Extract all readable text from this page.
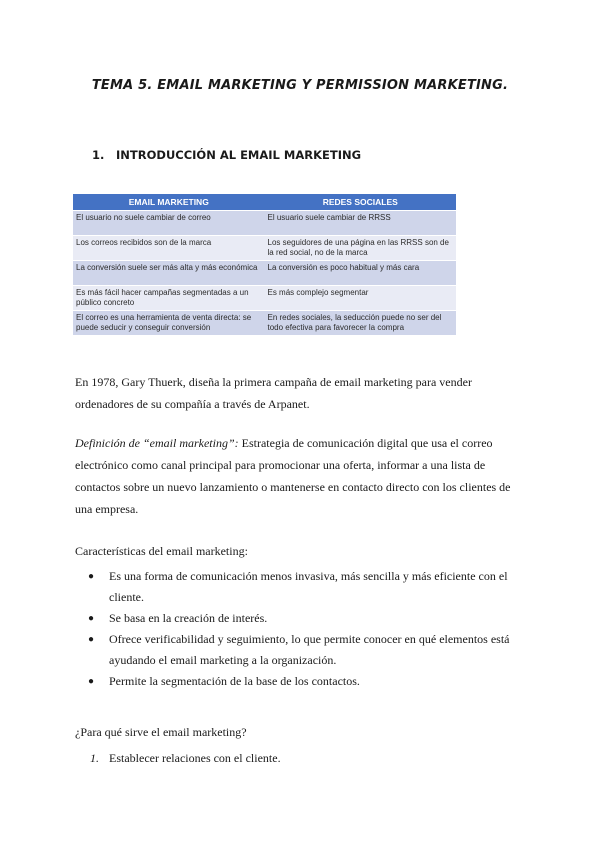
TEMA 5. EMAIL MARKETING Y PERMISSION MARKETING.
1. INTRODUCCIÓN AL EMAIL MARKETING
EMAIL MARKETING	REDES SOCIALES
El usuario no suele cambiar de correo	El usuario suele cambiar de RRSS
Los correos recibidos son de la marca	Los seguidores de una página en las RRSS son de la red social, no de la marca
La conversión suele ser más alta y más económica	La conversión es poco habitual y más cara
Es más fácil hacer campañas segmentadas a un público concreto	Es más complejo segmentar
El correo es una herramienta de venta directa: se puede seducir y conseguir conversión	En redes sociales, la seducción puede no ser del todo efectiva para favorecer la compra

En 1978, Gary Thuerk, diseña la primera campaña de email marketing para vender ordenadores de su compañía a través de Arpanet.

Definición de “email marketing”: Estrategia de comunicación digital que usa el correo electrónico como canal principal para promocionar una oferta, informar a una lista de contactos sobre un nuevo lanzamiento o mantenerse en contacto directo con los clientes de una empresa.

Características del email marketing:

● Es una forma de comunicación menos invasiva, más sencilla y más eficiente con el cliente.
● Se basa en la creación de interés.
● Ofrece verificabilidad y seguimiento, lo que permite conocer en qué elementos está ayudando el email marketing a la organización.
● Permite la segmentación de la base de los contactos.

¿Para qué sirve el email marketing?

1. Establecer relaciones con el cliente.
